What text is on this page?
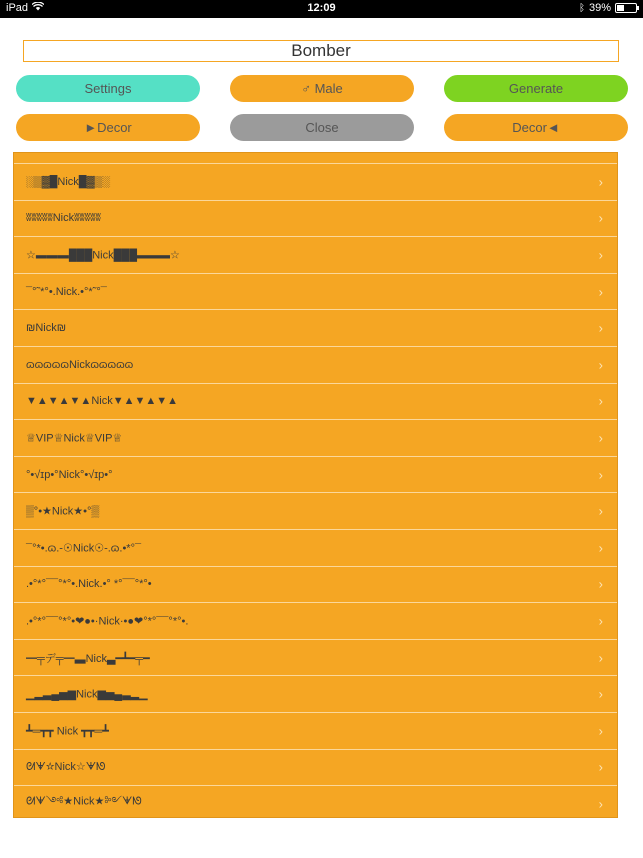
iPad	12:09	ᛒ 39%
Bomber
Settings	♂ Male	Generate
►Decor	Close	Decor◄
░▒▓█Nick█▓▒░	›
ʬʬʬʬʬNickʬʬʬʬʬ	›
☆▬▬▬███Nick███▬▬▬☆	›
¯°˜*°•.Nick.•°*˜°¯	›
₪Nick₪	›
ɷɷɷɷɷNickɷɷɷɷɷ	›
▼▲▼▲▼▲Nick▼▲▼▲▼▲	›
♕VIP♕Nick♕VIP♕	›
°•√ɪp•°Nick°•√ɪp•°	›
▒°•★Nick★•°▒	›
¯°*•.ɷ.-☉Nick☉-.ɷ.•*°¯	›
.•°*°¯¯°*°•.Nick.•° *°¯¯°*°•	›
.•°*°¯¯°*°•❤●•·Nick·•●❤°*°¯¯°*°•.	›
━╤デ╤━▃Nick▃━┻━╤━	›
▁▂▃▄▅▆Nick▆▅▄▃▂▁	›
┻═┳┳ Nick ┳┳═┻	›
ᘛᗖ☆Nick☆ᗖᘚ	›
ᘛᗖ༺★Nick★༻ᗖᘚ	›
